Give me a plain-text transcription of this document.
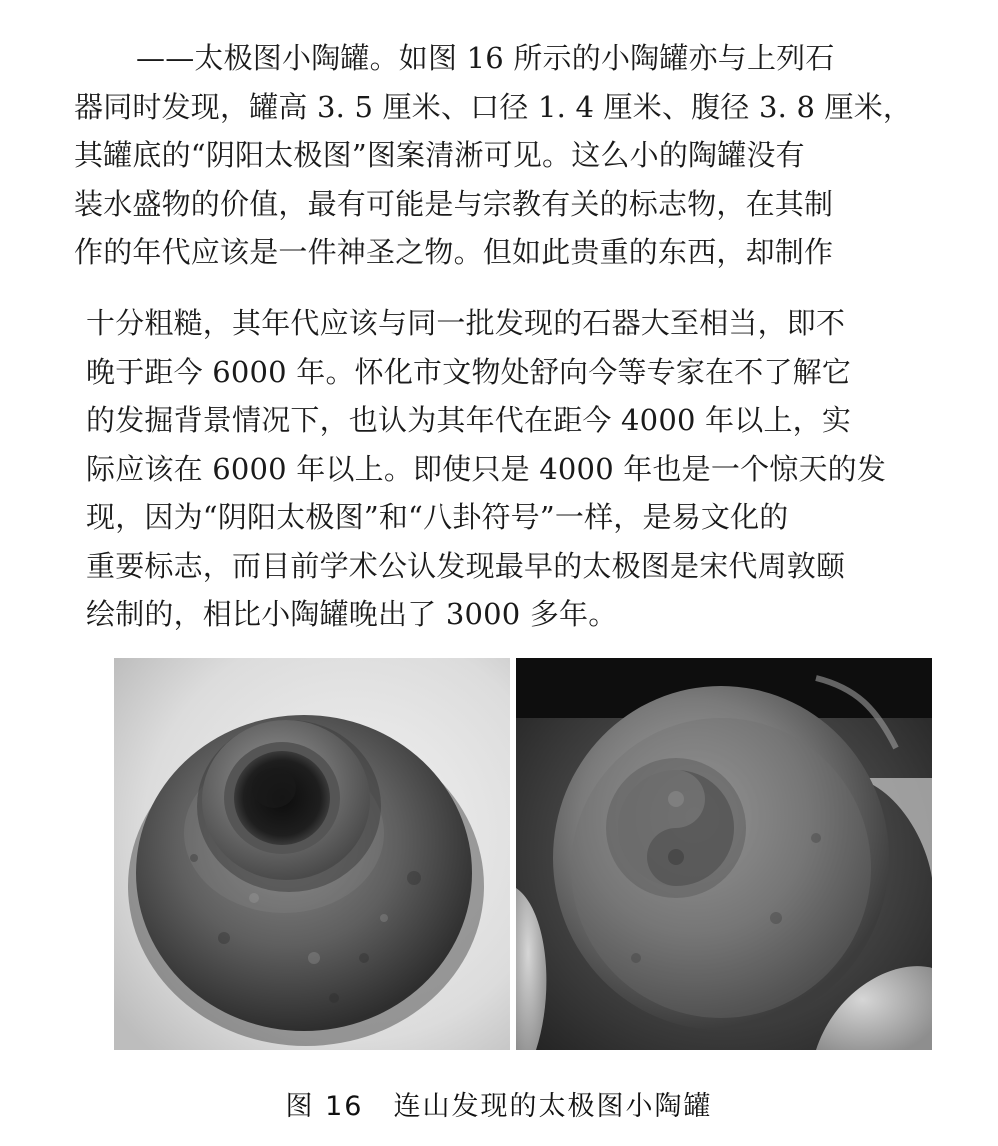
——太极图小陶罐。如图 16 所示的小陶罐亦与上列石
器同时发现，罐高 3. 5 厘米、口径 1. 4 厘米、腹径 3. 8 厘米，
其罐底的“阴阳太极图”图案清淅可见。这么小的陶罐没有
装水盛物的价值，最有可能是与宗教有关的标志物，在其制
作的年代应该是一件神圣之物。但如此贵重的东西，却制作
十分粗糙，其年代应该与同一批发现的石器大至相当，即不
晚于距今 6000 年。怀化市文物处舒向今等专家在不了解它
的发掘背景情况下，也认为其年代在距今 4000 年以上，实
际应该在 6000 年以上。即使只是 4000 年也是一个惊天的发
现，因为“阴阳太极图”和“八卦符号”一样，是易文化的
重要标志，而目前学术公认发现最早的太极图是宋代周敦颐
绘制的，相比小陶罐晚出了 3000 多年。
图 16 连山发现的太极图小陶罐
